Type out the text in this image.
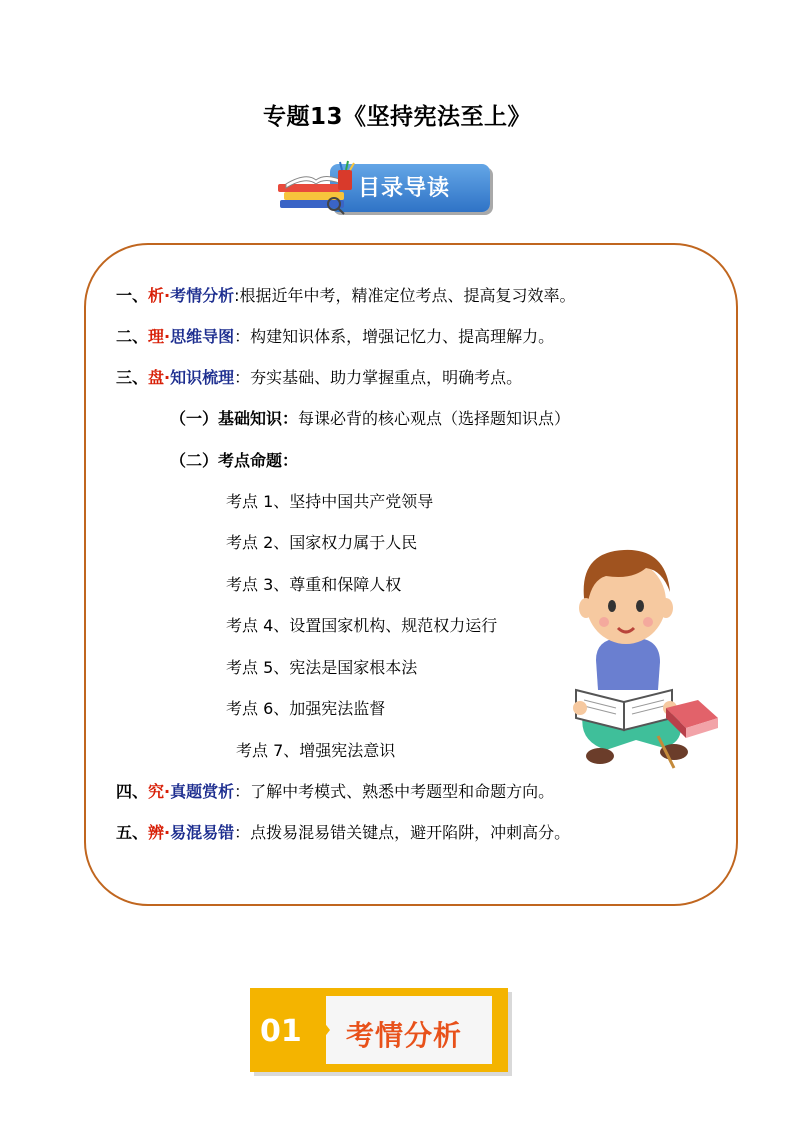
专题13《坚持宪法至上》
目录导读
一、析·考情分析:根据近年中考，精准定位考点、提高复习效率。
二、理·思维导图：构建知识体系，增强记忆力、提高理解力。
三、盘·知识梳理：夯实基础、助力掌握重点，明确考点。
（一）基础知识：每课必背的核心观点（选择题知识点）
（二）考点命题：
考点 1、坚持中国共产党领导
考点 2、国家权力属于人民
考点 3、尊重和保障人权
考点 4、设置国家机构、规范权力运行
考点 5、宪法是国家根本法
考点 6、加强宪法监督
考点 7、增强宪法意识
四、究·真题赏析：了解中考模式、熟悉中考题型和命题方向。
五、辨·易混易错：点拨易混易错关键点，避开陷阱，冲刺高分。
01 考情分析
